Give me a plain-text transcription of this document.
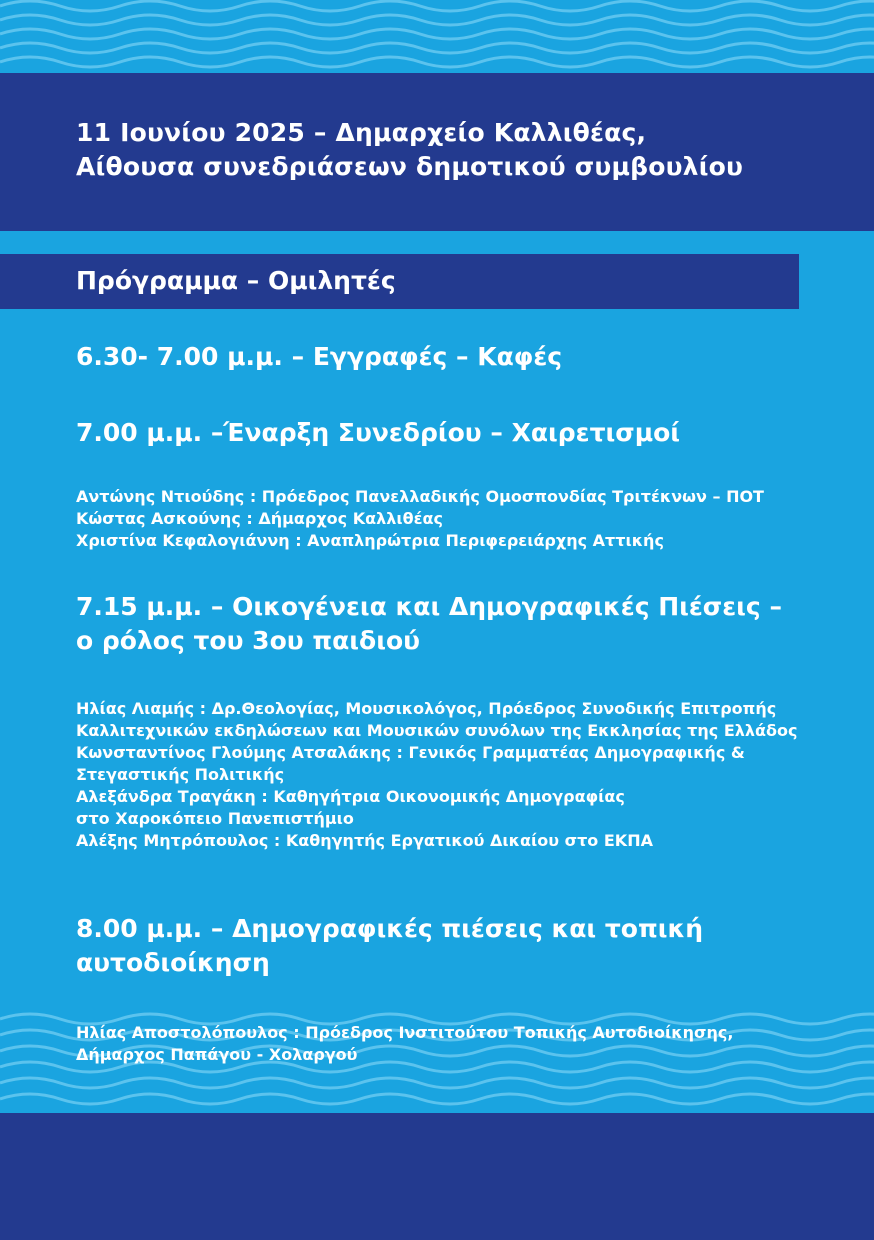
11 Ιουνίου 2025 – Δημαρχείο Καλλιθέας,
Αίθουσα συνεδριάσεων δημοτικού συμβουλίου
Πρόγραμμα – Ομιλητές
6.30- 7.00 μ.μ. – Εγγραφές – Καφές
7.00 μ.μ. –Έναρξη Συνεδρίου – Χαιρετισμοί
Αντώνης Ντιούδης : Πρόεδρος Πανελλαδικής Ομοσπονδίας Τριτέκνων – ΠΟΤ
Κώστας Ασκούνης : Δήμαρχος Καλλιθέας
Χριστίνα Κεφαλογιάννη : Αναπληρώτρια Περιφερειάρχης Αττικής
7.15 μ.μ. – Οικογένεια και Δημογραφικές Πιέσεις –
ο ρόλος του 3ου παιδιού
Ηλίας Λιαμής : Δρ.Θεολογίας, Μουσικολόγος, Πρόεδρος Συνοδικής Επιτροπής
Καλλιτεχνικών εκδηλώσεων και Μουσικών συνόλων της Εκκλησίας της Ελλάδος
Κωνσταντίνος Γλούμης Ατσαλάκης : Γενικός Γραμματέας Δημογραφικής &
Στεγαστικής Πολιτικής
Αλεξάνδρα Τραγάκη : Καθηγήτρια Οικονομικής Δημογραφίας
στο Χαροκόπειο Πανεπιστήμιο
Αλέξης Μητρόπουλος : Καθηγητής Εργατικού Δικαίου στο ΕΚΠΑ
8.00 μ.μ. – Δημογραφικές πιέσεις και τοπική
αυτοδιοίκηση
Ηλίας Αποστολόπουλος : Πρόεδρος Ινστιτούτου Τοπικής Αυτοδιοίκησης,
Δήμαρχος Παπάγου - Χολαργού
